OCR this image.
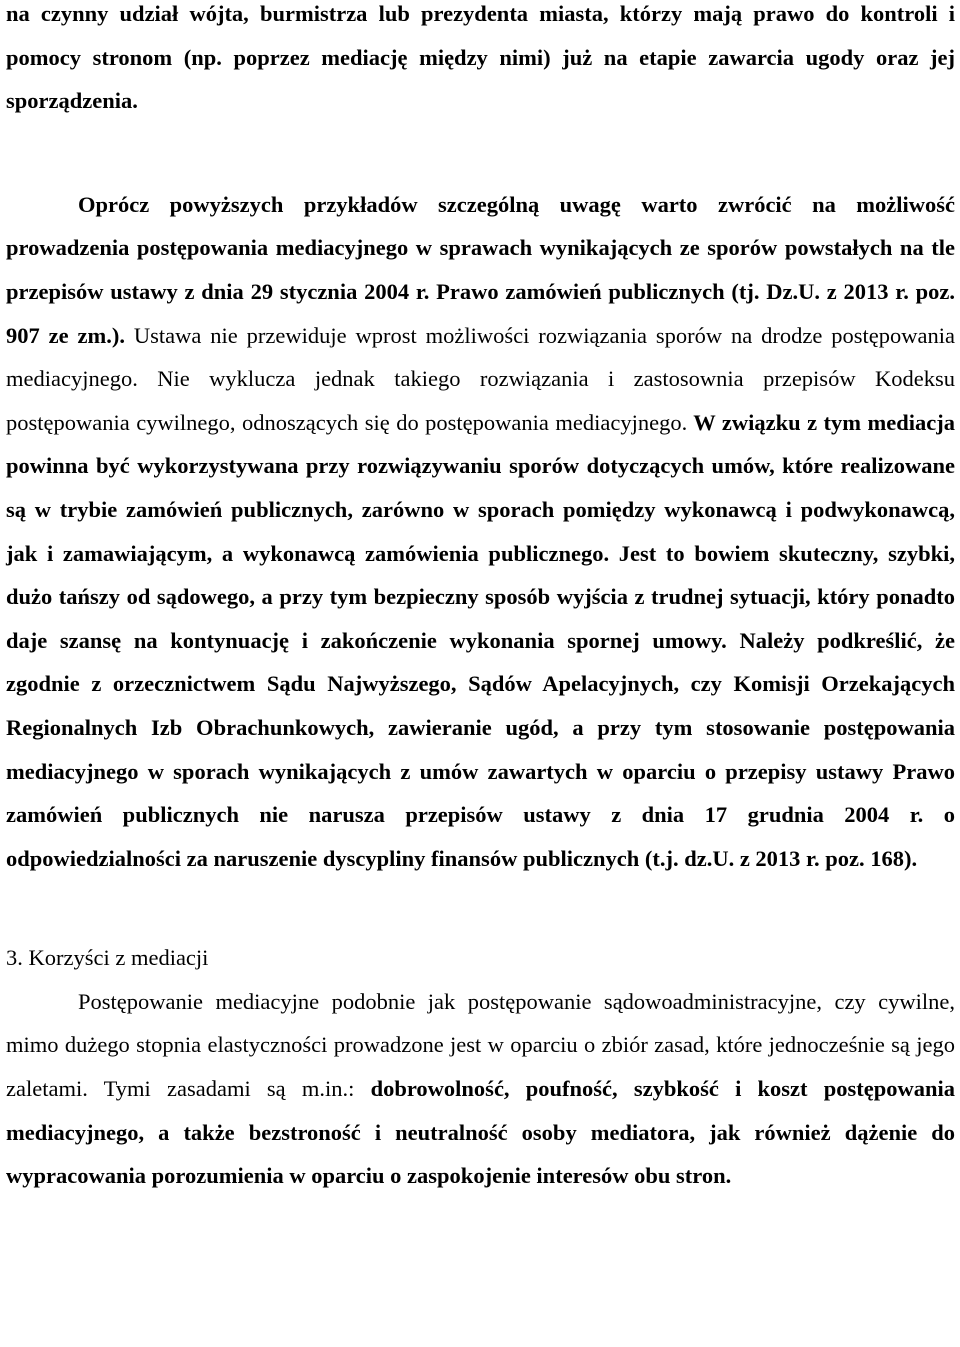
na czynny udział wójta, burmistrza lub prezydenta miasta, którzy mają prawo do kontroli i pomocy stronom (np. poprzez mediację między nimi) już na etapie zawarcia ugody oraz jej sporządzenia.

Oprócz powyższych przykładów szczególną uwagę warto zwrócić na możliwość prowadzenia postępowania mediacyjnego w sprawach wynikających ze sporów powstałych na tle przepisów ustawy z dnia 29 stycznia 2004 r. Prawo zamówień publicznych (tj. Dz.U. z 2013 r. poz. 907 ze zm.). Ustawa nie przewiduje wprost możliwości rozwiązania sporów na drodze postępowania mediacyjnego. Nie wyklucza jednak takiego rozwiązania i zastosownia przepisów Kodeksu postępowania cywilnego, odnoszących się do postępowania mediacyjnego. W związku z tym mediacja powinna być wykorzystywana przy rozwiązywaniu sporów dotyczących umów, które realizowane są w trybie zamówień publicznych, zarówno w sporach pomiędzy wykonawcą i podwykonawcą, jak i zamawiającym, a wykonawcą zamówienia publicznego. Jest to bowiem skuteczny, szybki, dużo tańszy od sądowego, a przy tym bezpieczny sposób wyjścia z trudnej sytuacji, który ponadto daje szansę na kontynuację i zakończenie wykonania spornej umowy. Należy podkreślić, że zgodnie z orzecznictwem Sądu Najwyższego, Sądów Apelacyjnych, czy Komisji Orzekających Regionalnych Izb Obrachunkowych, zawieranie ugód, a przy tym stosowanie postępowania mediacyjnego w sporach wynikających z umów zawartych w oparciu o przepisy ustawy Prawo zamówień publicznych nie narusza przepisów ustawy z dnia 17 grudnia 2004 r. o odpowiedzialności za naruszenie dyscypliny finansów publicznych (t.j. dz.U. z 2013 r. poz. 168).

3. Korzyści z mediacji

Postępowanie mediacyjne podobnie jak postępowanie sądowoadministracyjne, czy cywilne, mimo dużego stopnia elastyczności prowadzone jest w oparciu o zbiór zasad, które jednocześnie są jego zaletami. Tymi zasadami są m.in.: dobrowolność, poufność, szybkość i koszt postępowania mediacyjnego, a także bezstroność i neutralność osoby mediatora, jak również dążenie do wypracowania porozumienia w oparciu o zaspokojenie interesów obu stron.
